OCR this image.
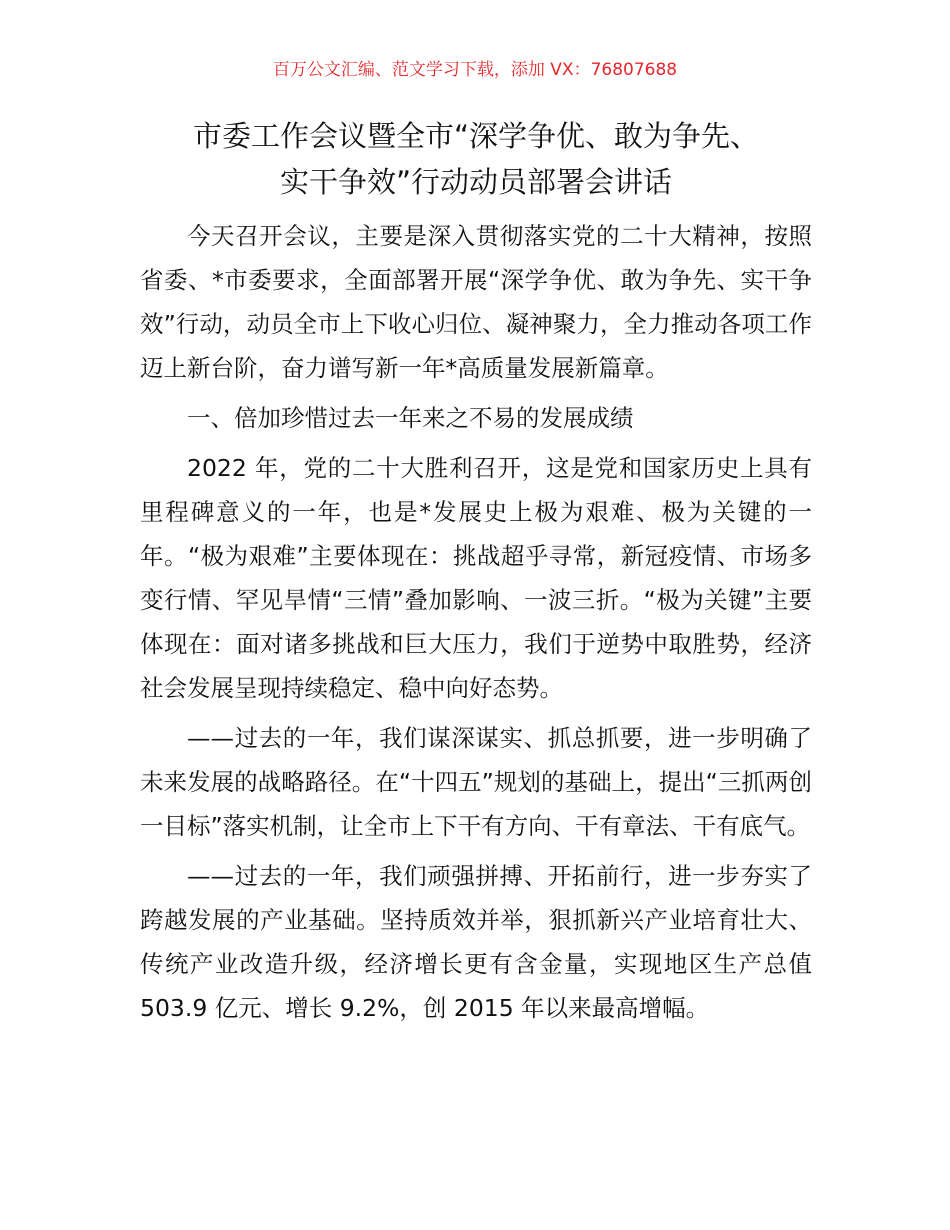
百万公文汇编、范文学习下载，添加 VX：76807688
市委工作会议暨全市“深学争优、敢为争先、
实干争效”行动动员部署会讲话

今天召开会议，主要是深入贯彻落实党的二十大精神，按照省委、*市委要求，全面部署开展“深学争优、敢为争先、实干争效”行动，动员全市上下收心归位、凝神聚力，全力推动各项工作迈上新台阶，奋力谱写新一年*高质量发展新篇章。

一、倍加珍惜过去一年来之不易的发展成绩

2022 年，党的二十大胜利召开，这是党和国家历史上具有里程碑意义的一年，也是*发展史上极为艰难、极为关键的一年。“极为艰难”主要体现在：挑战超乎寻常，新冠疫情、市场多变行情、罕见旱情“三情”叠加影响、一波三折。“极为关键”主要体现在：面对诸多挑战和巨大压力，我们于逆势中取胜势，经济社会发展呈现持续稳定、稳中向好态势。

——过去的一年，我们谋深谋实、抓总抓要，进一步明确了未来发展的战略路径。在“十四五”规划的基础上，提出“三抓两创一目标”落实机制，让全市上下干有方向、干有章法、干有底气。

——过去的一年，我们顽强拼搏、开拓前行，进一步夯实了跨越发展的产业基础。坚持质效并举，狠抓新兴产业培育壮大、传统产业改造升级，经济增长更有含金量，实现地区生产总值 503.9 亿元、增长 9.2%，创 2015 年以来最高增幅。
